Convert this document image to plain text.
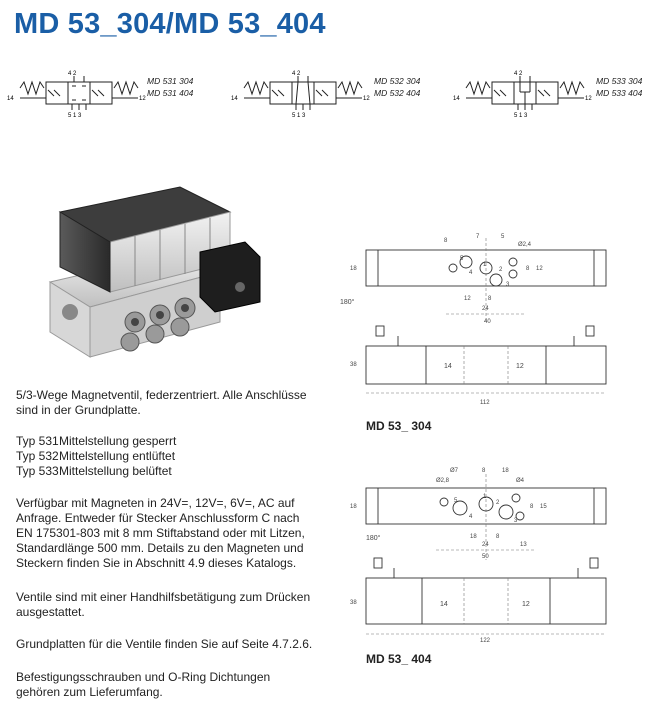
MD 53_304/MD 53_404
4 2
5 1 3
14	12
MD 531 304
MD 531 404
4 2
5 1 3
14	12
MD 532 304
MD 532 404
4 2
5 1 3
14	12
MD 533 304
MD 533 404
5/3-Wege Magnetventil, federzentriert. Alle Anschlüsse
sind in der Grundplatte.
Typ 531Mittelstellung gesperrt
Typ 532Mittelstellung entlüftet
Typ 533Mittelstellung belüftet
Verfügbar mit Magneten in 24V=, 12V=, 6V=, AC auf
Anfrage. Entweder für Stecker Anschlussform C nach
EN 175301-803 mit 8 mm Stiftabstand oder mit Litzen,
Standardlänge 500 mm. Details zu den Magneten und
Steckern finden Sie in Abschnitt 4.9 dieses Katalogs.
Ventile sind mit einer Handhilfsbetätigung zum Drücken
ausgestattet.
Grundplatten für die Ventile finden Sie auf Seite 4.7.2.6.
Befestigungsschrauben und O-Ring Dichtungen
gehören zum Lieferumfang.
5
1
2
4
3
180°
8
7	5
Ø2,4
12	8
24
40
18	8 12
14	12
38
112
MD 53_ 304
5
1
2
4
3
180°
Ø7	8
Ø2,8
18
Ø4
18	8
24	13
50
18	8 15
14	12
38
122
MD 53_ 404
